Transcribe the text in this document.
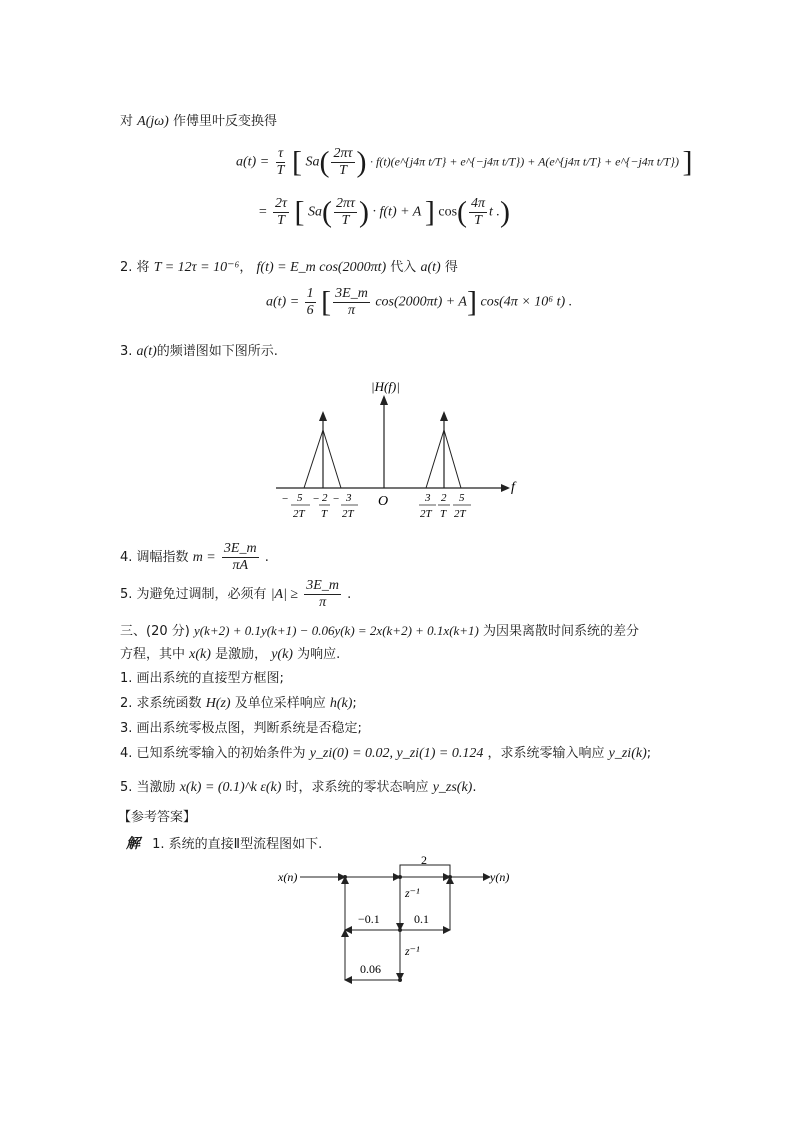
对 A(jω) 作傅里叶反变换得
$a(t) = \frac{\tau}{T}$ [ $Sa( \frac{2\pi\tau}{T}$ ) · f(t)(e^{j4π t/T} + e^{−j4π t/T}) + A(e^{j4π t/T} + e^{−j4π t/T}) ]
= $\frac{2\tau}{T}$ [ $Sa( \frac{2\pi\tau}{T}$ ) · f(t) + A ] $\cos( \frac{4\pi}{T}$ t .)
2. 将 T = 12τ = 10⁻⁶， f(t) = E_m cos(2000πt) 代入 a(t) 得
$a(t) = \frac{1}{6}$ [ $\frac{3E\_m}{\pi} \cos(2000\pi t) + A$] cos(4π × 10⁶ t) .
3. a(t)的频谱图如下图所示.
|H(f)|
f
O
− 5
2T
− 2
T
− 3
2T
3
2T
2
T
5
2T
4. 调幅指数 $m = \frac{3E\_m}{\pi A}$ .
5. 为避免过调制，必须有 $|A| \ge \frac{3E\_m}{\pi}$ .
三、(20 分) y(k+2) + 0.1y(k+1) − 0.06y(k) = 2x(k+2) + 0.1x(k+1) 为因果离散时间系统的差分
方程，其中 x(k) 是激励， y(k) 为响应.
1. 画出系统的直接型方框图;
2. 求系统函数 H(z) 及单位采样响应 h(k);
3. 画出系统零极点图，判断系统是否稳定;
4. 已知系统零输入的初始条件为 y_zi(0) = 0.02, y_zi(1) = 0.124 ，求系统零输入响应 y_zi(k);
5. 当激励 x(k) = (0.1)^k ε(k) 时，求系统的零状态响应 y_zs(k).
【参考答案】
解 1. 系统的直接Ⅱ型流程图如下.
x(n)	y(n)
2
z⁻¹
z⁻¹
−0.1	0.1
0.06
